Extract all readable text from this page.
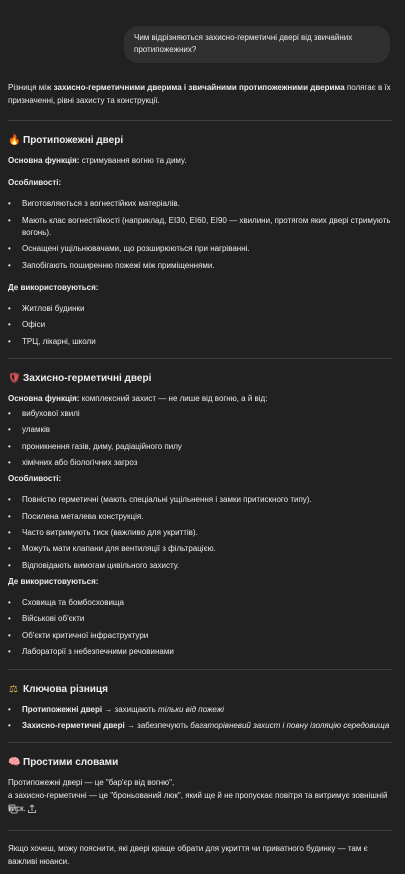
Чим відрізняються захисно-герметичні двері від звичайних протипожежних?

Різниця між захисно-герметичними дверима і звичайними протипожежними дверима полягає в їх призначенні, рівні захисту та конструкції.

🔥 Протипожежні двері

Основна функція: стримування вогню та диму.

Особливості:
• Виготовляються з вогнестійких матеріалів.
• Мають клас вогнестійкості (наприклад, EI30, EI60, EI90 — хвилини, протягом яких двері стримують вогонь).
• Оснащені ущільнювачами, що розширюються при нагріванні.
• Запобігають поширенню пожежі між приміщеннями.
Де використовуються:
• Житлові будинки
• Офіси
• ТРЦ, лікарні, школи
🛡 Захисно-герметичні двері

Основна функція: комплексний захист — не лише від вогню, а й від:

• вибухової хвилі
• уламків
• проникнення газів, диму, радіаційного пилу
• хімічних або біологічних загроз
Особливості:
• Повністю герметичні (мають спеціальні ущільнення і замки притискного типу).
• Посилена металева конструкція.
• Часто витримують тиск (важливо для укриттів).
• Можуть мати клапани для вентиляції з фільтрацією.
• Відповідають вимогам цивільного захисту.
Де використовуються:
• Сховища та бомбосховища
• Військові об'єкти
• Об'єкти критичної інфраструктури
• Лабораторії з небезпечними речовинами
⚖ Ключова різниця
• Протипожежні двері → захищають тільки від пожежі
• Захисно-герметичні двері → забезпечують багаторівневий захист і повну ізоляцію середовища
🧠 Простими словами

Протипожежні двері — це "бар'єр від вогню",
а захисно-герметичні — це "броньований люк", який ще й не пропускає повітря та витримує зовнішній тиск.

Якщо хочеш, можу пояснити, які двері краще обрати для укриття чи приватного будинку — там є важливі нюанси.
